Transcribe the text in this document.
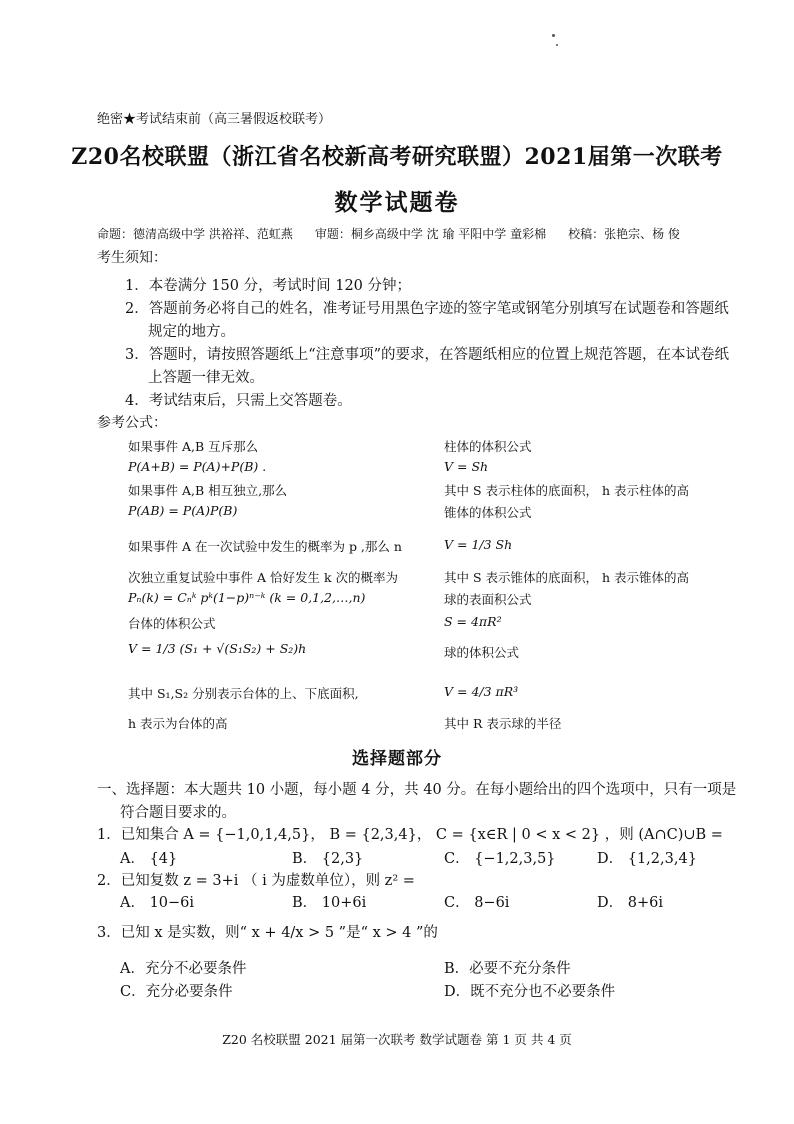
绝密★考试结束前（高三暑假返校联考）
Z20名校联盟（浙江省名校新高考研究联盟）2021届第一次联考
数学试题卷
命题：德清高级中学 洪裕祥、范虹燕 审题：桐乡高级中学 沈 瑜 平阳中学 童彩棉 校稿：张艳宗、杨 俊
考生须知：
1．本卷满分 150 分，考试时间 120 分钟；
2．答题前务必将自己的姓名，准考证号用黑色字迹的签字笔或钢笔分别填写在试题卷和答题纸
规定的地方。
3．答题时，请按照答题纸上“注意事项”的要求，在答题纸相应的位置上规范答题，在本试卷纸
上答题一律无效。
4．考试结束后，只需上交答题卷。
参考公式：
如果事件 A,B 互斥那么
P(A+B) = P(A)+P(B) .
如果事件 A,B 相互独立,那么
P(AB) = P(A)P(B)
如果事件 A 在一次试验中发生的概率为 p ,那么 n
次独立重复试验中事件 A 恰好发生 k 次的概率为
Pₙ(k) = Cₙᵏ pᵏ(1−p)ⁿ⁻ᵏ (k = 0,1,2,…,n)
台体的体积公式
V = 1/3 (S₁ + √(S₁S₂) + S₂)h
其中 S₁,S₂ 分别表示台体的上、下底面积,
h 表示为台体的高
柱体的体积公式
V = Sh
其中 S 表示柱体的底面积， h 表示柱体的高
锥体的体积公式
V = 1/3 Sh
其中 S 表示锥体的底面积， h 表示锥体的高
球的表面积公式
S = 4πR²
球的体积公式
V = 4/3 πR³
其中 R 表示球的半径
选择题部分
一、选择题：本大题共 10 小题，每小题 4 分，共 40 分。在每小题给出的四个选项中，只有一项是
符合题目要求的。
1．已知集合 A = {−1,0,1,4,5}， B = {2,3,4}， C = {x∈R | 0 < x < 2} ，则 (A∩C)∪B =
A． {4}	B． {2,3}	C． {−1,2,3,5}	D． {1,2,3,4}
2．已知复数 z = 3+i （ i 为虚数单位），则 z² =
A． 10−6i	B． 10+6i	C． 8−6i	D． 8+6i
3．已知 x 是实数，则“ x + 4/x > 5 ”是“ x > 4 ”的
A．充分不必要条件	B．必要不充分条件
C．充分必要条件	D．既不充分也不必要条件
Z20 名校联盟 2021 届第一次联考 数学试题卷 第 1 页 共 4 页
